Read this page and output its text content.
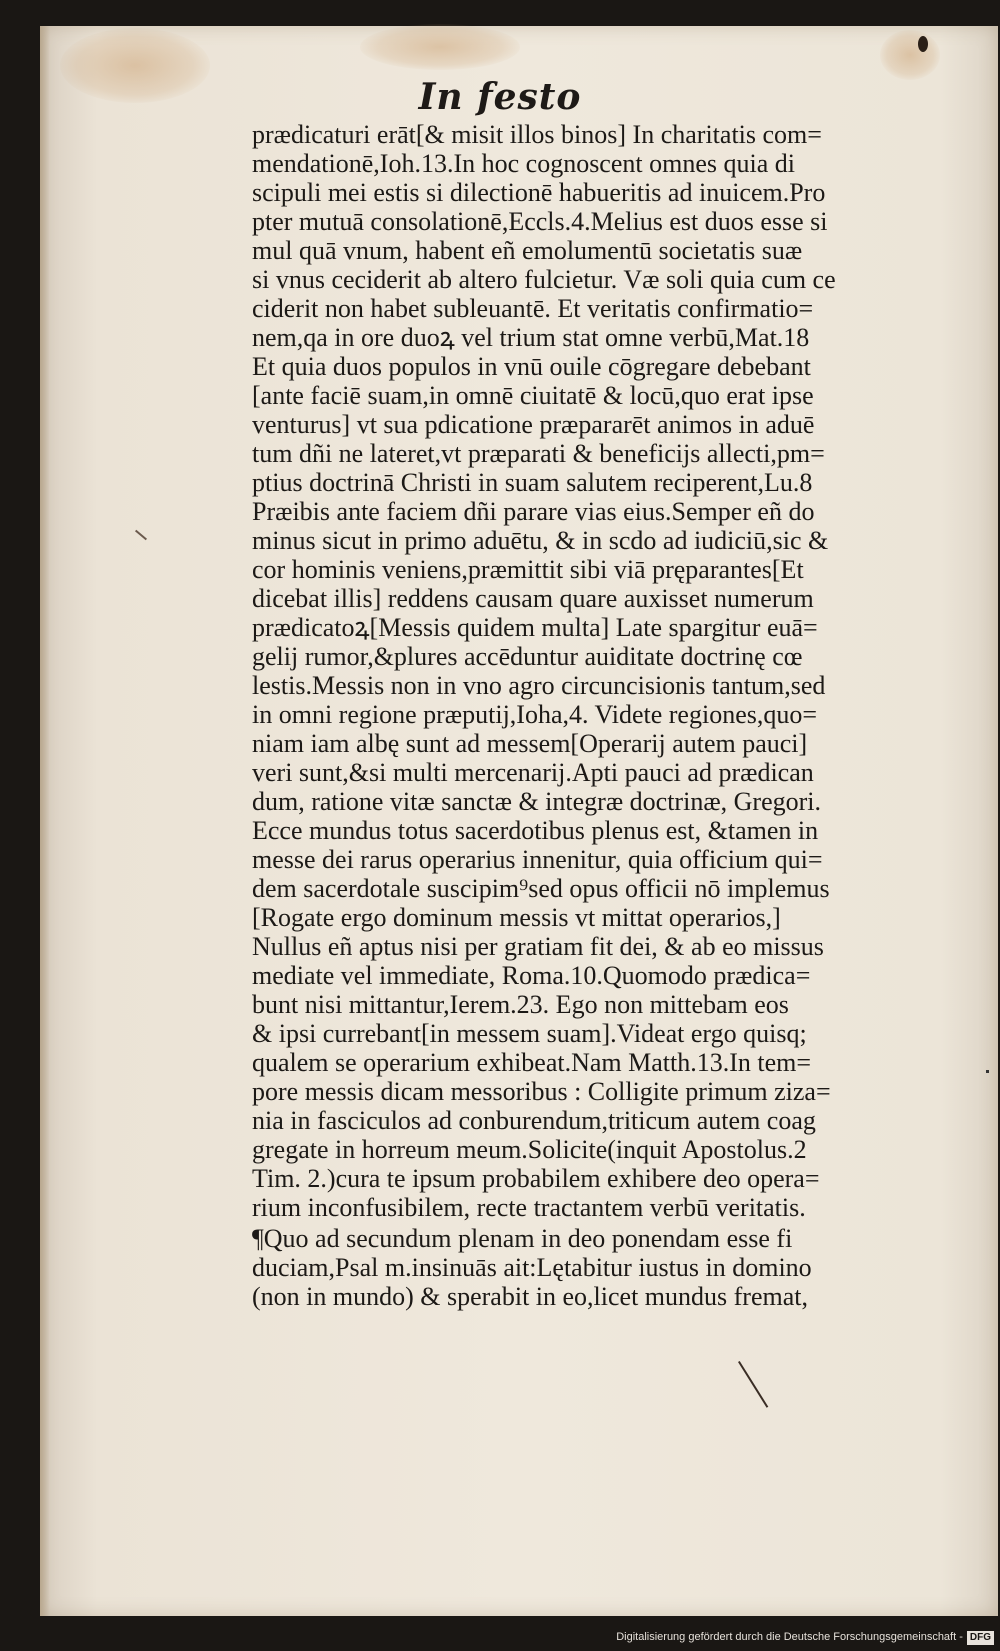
In festo
prædicaturi erāt[& misit illos binos] In charitatis com=
mendationē,Ioh.13.In hoc cognoscent omnes quia di
scipuli mei estis si dilectionē habueritis ad inuicem.Pro
pter mutuā consolationē,Eccls.4.Melius est duos esse si
mul quā vnum, habent eñ emolumentū societatis suæ
si vnus ceciderit ab altero fulcietur. Væ soli quia cum ce
ciderit non habet subleuantē. Et veritatis confirmatio=
nem,qa in ore duoꝝ vel trium stat omne verbū,Mat.18
Et quia duos populos in vnū ouile cōgregare debebant
[ante faciē suam,in omnē ciuitatē & locū,quo erat ipse
venturus] vt sua pdicatione præpararēt animos in aduē
tum dñi ne lateret,vt præparati & beneficijs allecti,pm=
ptius doctrinā Christi in suam salutem reciperent,Lu.8
Præibis ante faciem dñi parare vias eius.Semper eñ do
minus sicut in primo aduētu, & in scdo ad iudiciū,sic &
cor hominis veniens,præmittit sibi viā pręparantes[Et
dicebat illis] reddens causam quare auxisset numerum
prædicatoꝝ[Messis quidem multa] Late spargitur euā=
gelij rumor,&plures accēduntur auiditate doctrinę cœ
lestis.Messis non in vno agro circuncisionis tantum,sed
in omni regione præputij,Ioha,4. Videte regiones,quo=
niam iam albę sunt ad messem[Operarij autem pauci]
veri sunt,&si multi mercenarij.Apti pauci ad prædican
dum, ratione vitæ sanctæ & integræ doctrinæ, Gregori.
Ecce mundus totus sacerdotibus plenus est, &tamen in
messe dei rarus operarius innenitur, quia officium qui=
dem sacerdotale suscipim⁹sed opus officii nō implemus
[Rogate ergo dominum messis vt mittat operarios,]
Nullus eñ aptus nisi per gratiam fit dei, & ab eo missus
mediate vel immediate, Roma.10.Quomodo prædica=
bunt nisi mittantur,Ierem.23. Ego non mittebam eos
& ipsi currebant[in messem suam].Videat ergo quisq;
qualem se operarium exhibeat.Nam Matth.13.In tem=
pore messis dicam messoribus : Colligite primum ziza=
nia in fasciculos ad conburendum,triticum autem coag
gregate in horreum meum.Solicite(inquit Apostolus.2
Tim. 2.)cura te ipsum probabilem exhibere deo opera=
rium inconfusibilem, recte tractantem verbū veritatis.
¶Quo ad secundum plenam in deo ponendam esse fi
duciam,Psal m.insinuās ait:Lętabitur iustus in domino
(non in mundo) & sperabit in eo,licet mundus fremat,
Digitalisierung gefördert durch die Deutsche Forschungsgemeinschaft - DFG
